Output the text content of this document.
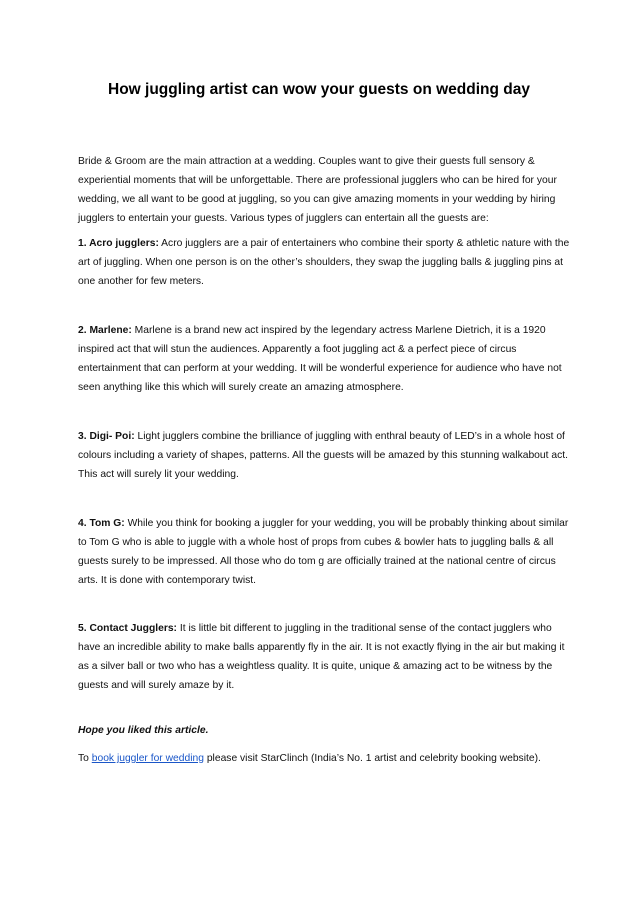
How juggling artist can wow your guests on wedding day

Bride & Groom are the main attraction at a wedding. Couples want to give their guests full sensory & experiential moments that will be unforgettable. There are professional jugglers who can be hired for your wedding, we all want to be good at juggling, so you can give amazing moments in your wedding by hiring jugglers to entertain your guests. Various types of jugglers can entertain all the guests are:

1. Acro jugglers: Acro jugglers are a pair of entertainers who combine their sporty & athletic nature with the art of juggling. When one person is on the other’s shoulders, they swap the juggling balls & juggling pins at one another for few meters.

2. Marlene: Marlene is a brand new act inspired by the legendary actress Marlene Dietrich, it is a 1920 inspired act that will stun the audiences. Apparently a foot juggling act & a perfect piece of circus entertainment that can perform at your wedding. It will be wonderful experience for audience who have not seen anything like this which will surely create an amazing atmosphere.

3. Digi- Poi: Light jugglers combine the brilliance of juggling with enthral beauty of LED’s in a whole host of colours including a variety of shapes, patterns. All the guests will be amazed by this stunning walkabout act. This act will surely lit your wedding.

4. Tom G: While you think for booking a juggler for your wedding, you will be probably thinking about similar to Tom G who is able to juggle with a whole host of props from cubes & bowler hats to juggling balls & all guests surely to be impressed. All those who do tom g are officially trained at the national centre of circus arts. It is done with contemporary twist.

5. Contact Jugglers: It is little bit different to juggling in the traditional sense of the contact jugglers who have an incredible ability to make balls apparently fly in the air. It is not exactly flying in the air but making it as a silver ball or two who has a weightless quality. It is quite, unique & amazing act to be witness by the guests and will surely amaze by it.

Hope you liked this article.

To book juggler for wedding please visit StarClinch (India’s No. 1 artist and celebrity booking website).
